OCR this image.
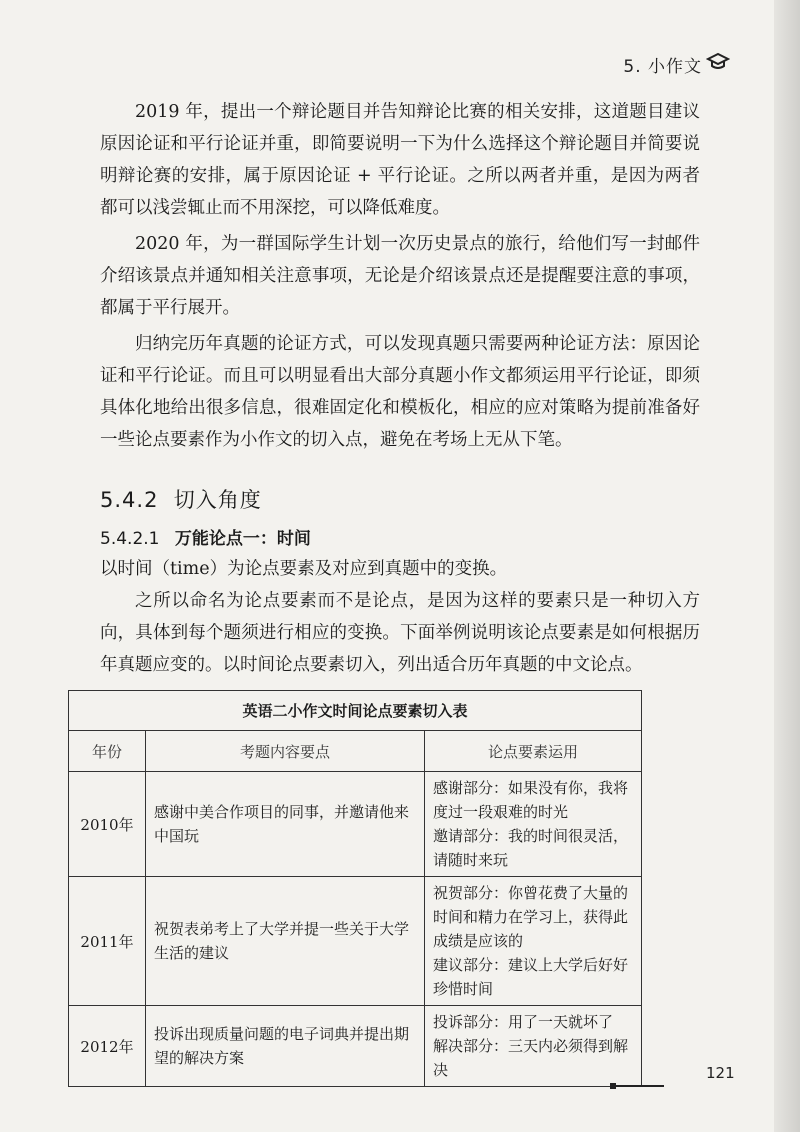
5. 小作文

2019 年，提出一个辩论题目并告知辩论比赛的相关安排，这道题目建议原因论证和平行论证并重，即简要说明一下为什么选择这个辩论题目并简要说明辩论赛的安排，属于原因论证 + 平行论证。之所以两者并重，是因为两者都可以浅尝辄止而不用深挖，可以降低难度。

2020 年，为一群国际学生计划一次历史景点的旅行，给他们写一封邮件介绍该景点并通知相关注意事项，无论是介绍该景点还是提醒要注意的事项，都属于平行展开。

归纳完历年真题的论证方式，可以发现真题只需要两种论证方法：原因论证和平行论证。而且可以明显看出大部分真题小作文都须运用平行论证，即须具体化地给出很多信息，很难固定化和模板化，相应的应对策略为提前准备好一些论点要素作为小作文的切入点，避免在考场上无从下笔。

5.4.2 切入角度
5.4.2.1 万能论点一：时间

以时间（time）为论点要素及对应到真题中的变换。

之所以命名为论点要素而不是论点，是因为这样的要素只是一种切入方向，具体到每个题须进行相应的变换。下面举例说明该论点要素是如何根据历年真题应变的。以时间论点要素切入，列出适合历年真题的中文论点。

英语二小作文时间论点要素切入表		
年份	考题内容要点	论点要素运用
2010年	感谢中美合作项目的同事，并邀请他来中国玩	感谢部分：如果没有你，我将度过一段艰难的时光
邀请部分：我的时间很灵活，请随时来玩

2011年	祝贺表弟考上了大学并提一些关于大学生活的建议	祝贺部分：你曾花费了大量的时间和精力在学习上，获得此成绩是应该的
建议部分：建议上大学后好好珍惜时间

2012年	投诉出现质量问题的电子词典并提出期望的解决方案	投诉部分：用了一天就坏了
解决部分：三天内必须得到解决	121
